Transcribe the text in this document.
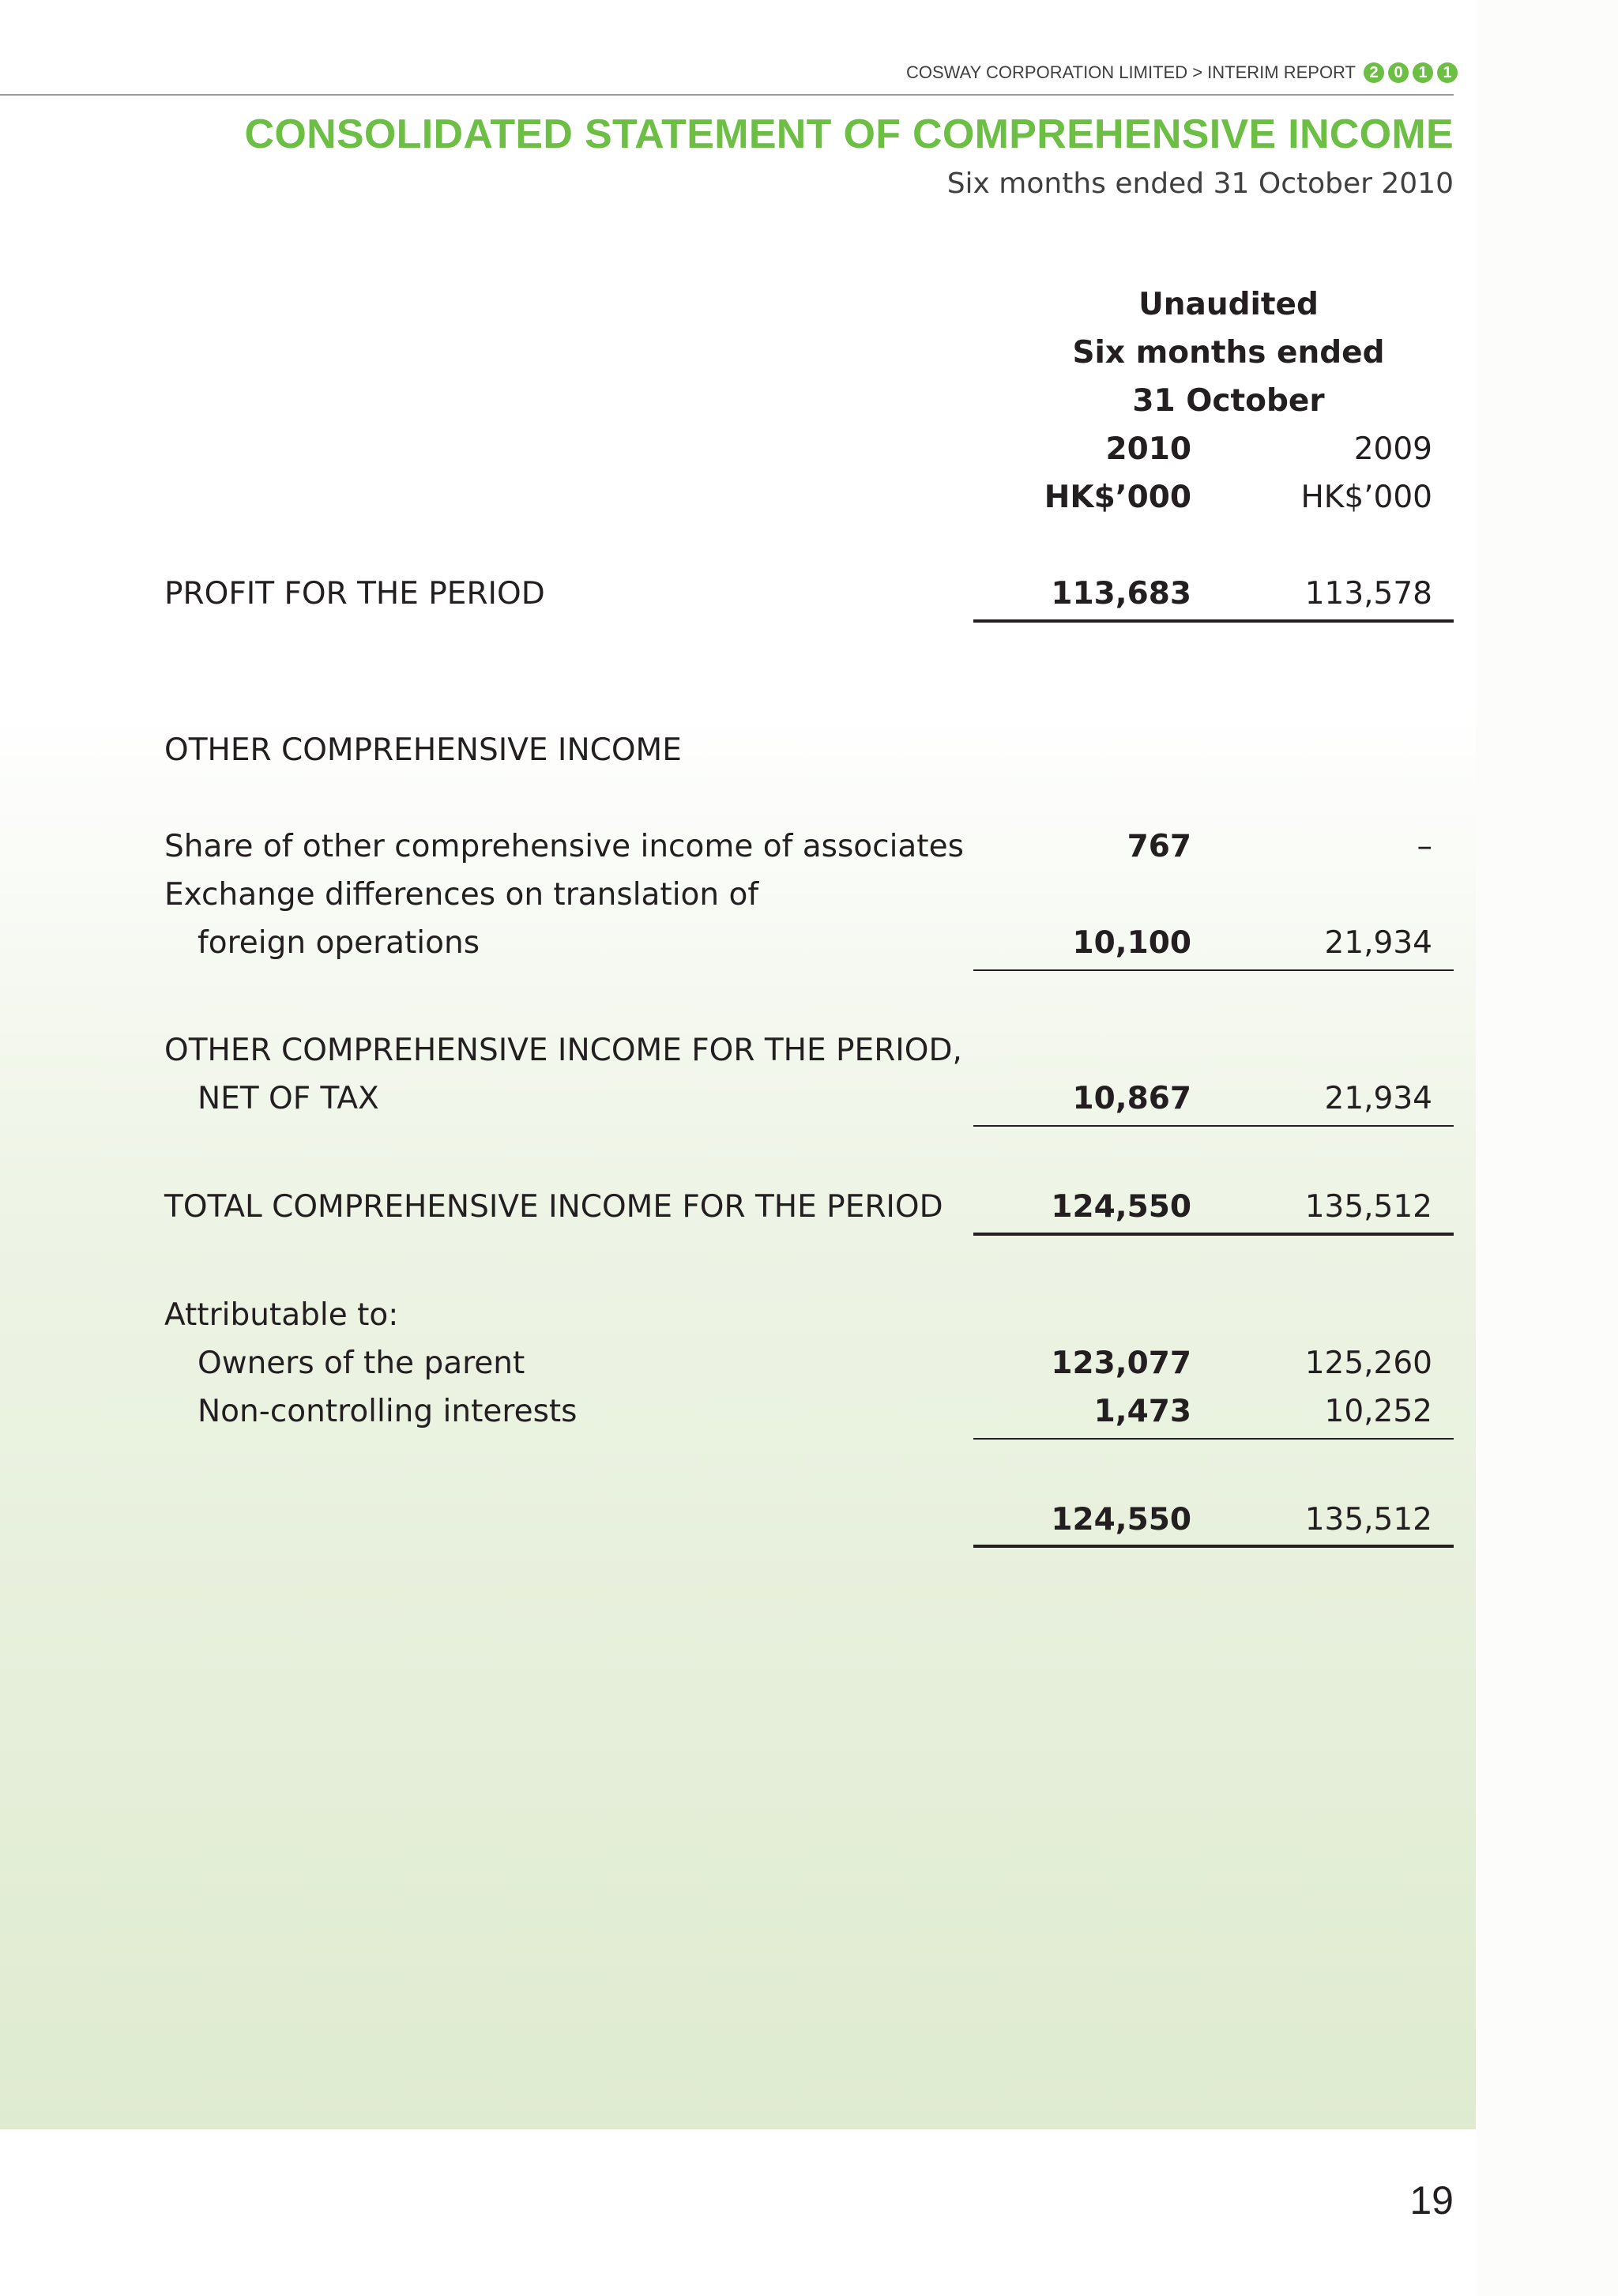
COSWAY CORPORATION LIMITED > INTERIM REPORT 2 0 1 1
CONSOLIDATED STATEMENT OF COMPREHENSIVE INCOME
Six months ended 31 October 2010
Unaudited
Six months ended
31 October
2010	2009
HK$’000	HK$’000
PROFIT FOR THE PERIOD	113,683	113,578
OTHER COMPREHENSIVE INCOME
Share of other comprehensive income of associates	767	–
Exchange differences on translation of
foreign operations	10,100	21,934
OTHER COMPREHENSIVE INCOME FOR THE PERIOD,
NET OF TAX	10,867	21,934
TOTAL COMPREHENSIVE INCOME FOR THE PERIOD	124,550	135,512
Attributable to:
Owners of the parent	123,077	125,260
Non-controlling interests	1,473	10,252
124,550	135,512
19
